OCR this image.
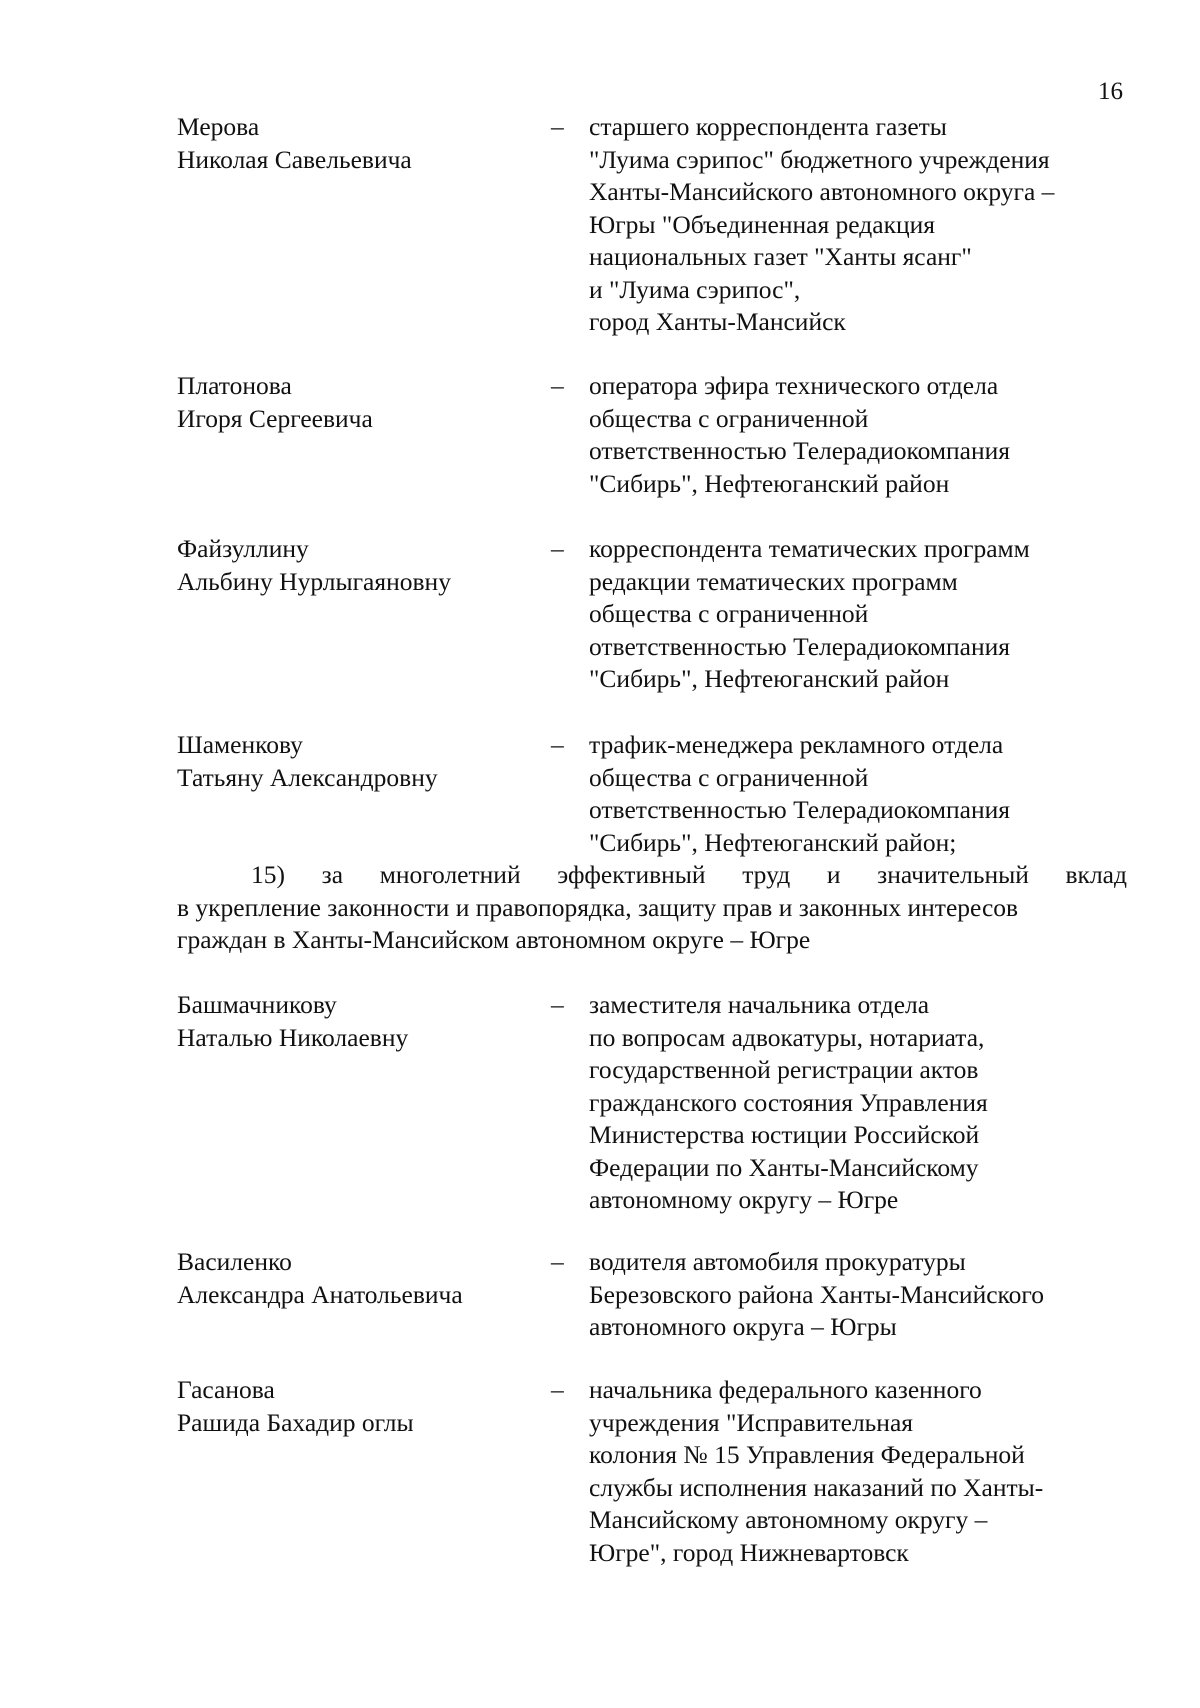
16
Мерова
Николая Савельевича
– старшего корреспондента газеты
"Луима сэрипос" бюджетного учреждения
Ханты-Мансийского автономного округа –
Югры "Объединенная редакция
национальных газет "Ханты ясанг"
и "Луима сэрипос",
город Ханты-Мансийск
Платонова
Игоря Сергеевича
– оператора эфира технического отдела
общества с ограниченной
ответственностью Телерадиокомпания
"Сибирь", Нефтеюганский район
Файзуллину
Альбину Нурлыгаяновну
– корреспондента тематических программ
редакции тематических программ
общества с ограниченной
ответственностью Телерадиокомпания
"Сибирь", Нефтеюганский район
Шаменкову
Татьяну Александровну
– трафик-менеджера рекламного отдела
общества с ограниченной
ответственностью Телерадиокомпания
"Сибирь", Нефтеюганский район;
15) за многолетний эффективный труд и значительный вклад
в укрепление законности и правопорядка, защиту прав и законных интересов
граждан в Ханты-Мансийском автономном округе – Югре
Башмачникову
Наталью Николаевну
– заместителя начальника отдела
по вопросам адвокатуры, нотариата,
государственной регистрации актов
гражданского состояния Управления
Министерства юстиции Российской
Федерации по Ханты-Мансийскому
автономному округу – Югре
Василенко
Александра Анатольевича
– водителя автомобиля прокуратуры
Березовского района Ханты-Мансийского
автономного округа – Югры
Гасанова
Рашида Бахадир оглы
– начальника федерального казенного
учреждения "Исправительная
колония № 15 Управления Федеральной
службы исполнения наказаний по Ханты-
Мансийскому автономному округу –
Югре", город Нижневартовск
